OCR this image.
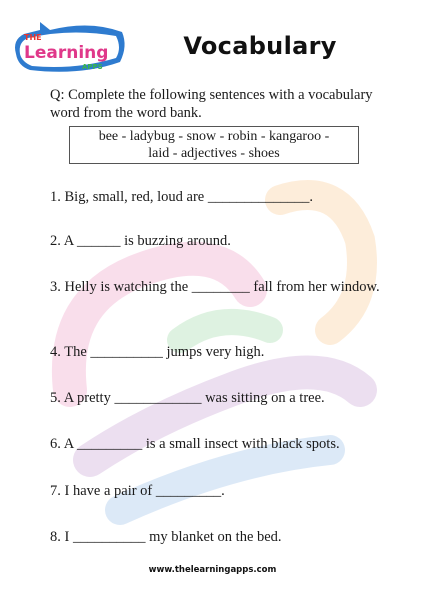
THE
Learning
APPS
Vocabulary
Q: Complete the following sentences with a vocabulary word from the word bank.
bee - ladybug - snow - robin - kangaroo -
laid - adjectives - shoes
1. Big, small, red, loud are ______________.
2. A ______ is buzzing around.
3. Helly is watching the ________ fall from her window.
4. The __________ jumps very high.
5. A pretty ____________ was sitting on a tree.
6. A _________ is a small insect with black spots.
7. I have a pair of _________.
8. I __________ my blanket on the bed.
www.thelearningapps.com
